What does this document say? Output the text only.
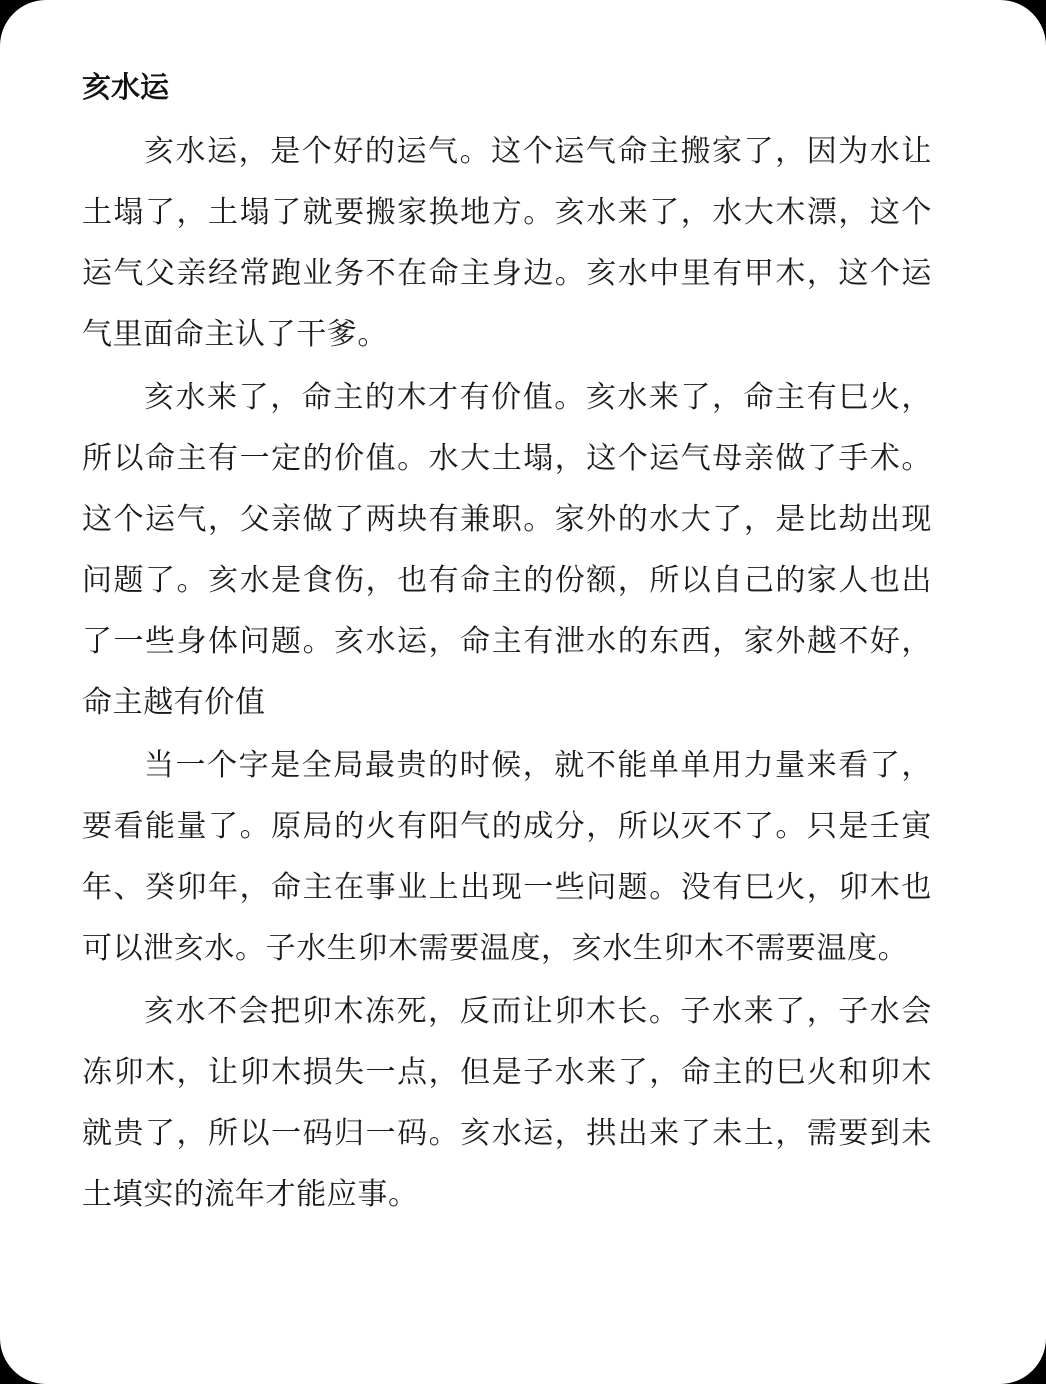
亥水运

亥水运，是个好的运气。这个运气命主搬家了，因为水让土塌了，土塌了就要搬家换地方。亥水来了，水大木漂，这个运气父亲经常跑业务不在命主身边。亥水中里有甲木，这个运气里面命主认了干爹。

亥水来了，命主的木才有价值。亥水来了，命主有巳火，所以命主有一定的价值。水大土塌，这个运气母亲做了手术。这个运气，父亲做了两块有兼职。家外的水大了，是比劫出现问题了。亥水是食伤，也有命主的份额，所以自己的家人也出了一些身体问题。亥水运，命主有泄水的东西，家外越不好，命主越有价值

当一个字是全局最贵的时候，就不能单单用力量来看了，要看能量了。原局的火有阳气的成分，所以灭不了。只是壬寅年、癸卯年，命主在事业上出现一些问题。没有巳火，卯木也可以泄亥水。子水生卯木需要温度，亥水生卯木不需要温度。

亥水不会把卯木冻死，反而让卯木长。子水来了，子水会冻卯木，让卯木损失一点，但是子水来了，命主的巳火和卯木就贵了，所以一码归一码。亥水运，拱出来了未土，需要到未土填实的流年才能应事。
